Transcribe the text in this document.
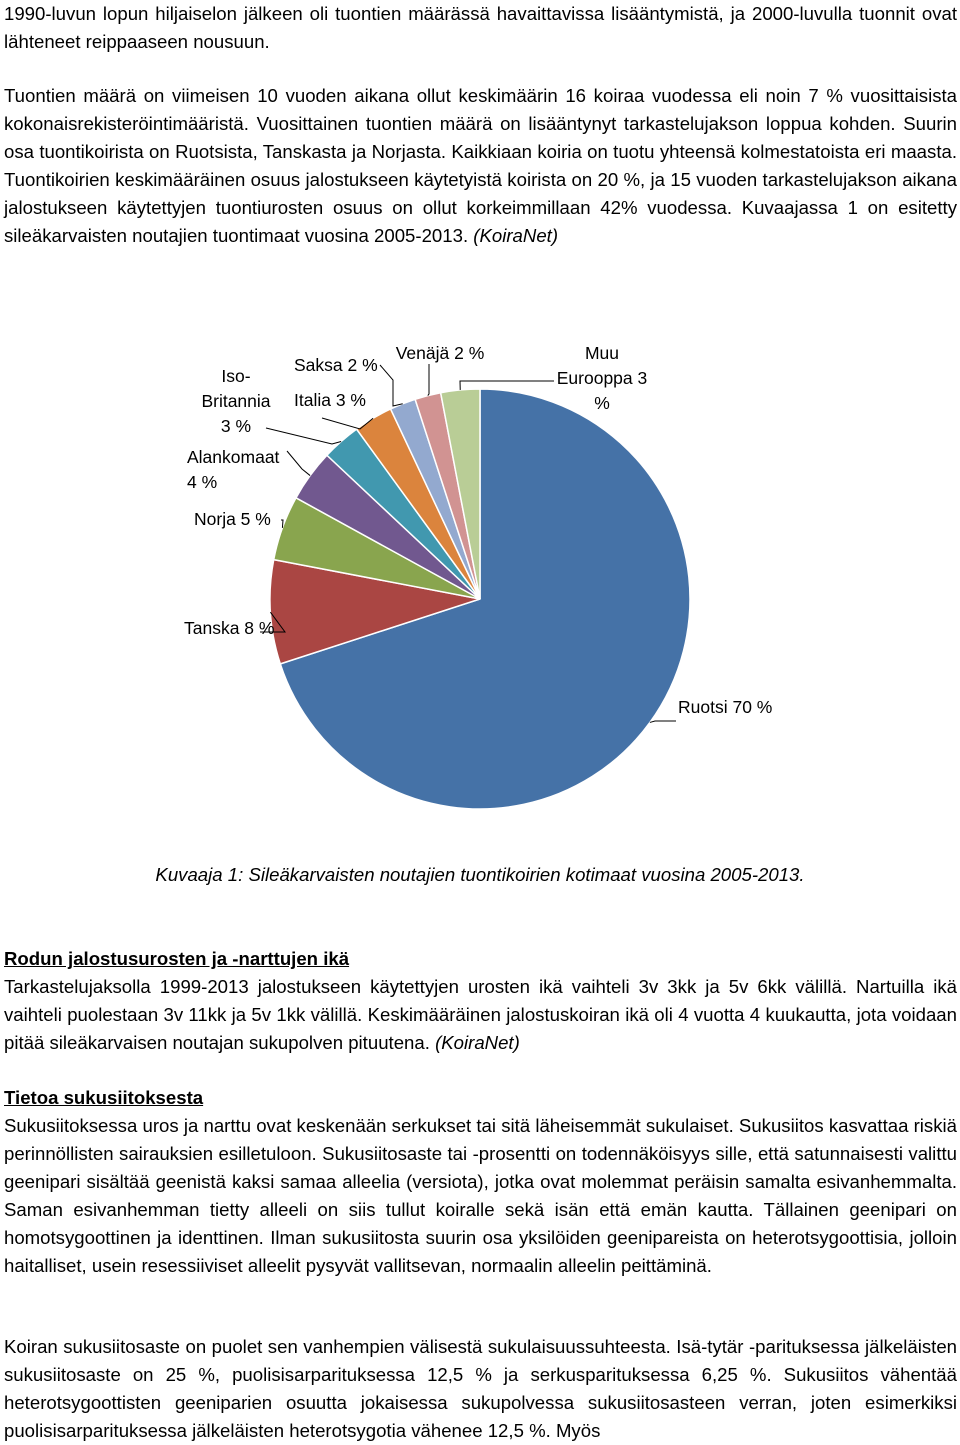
1990-luvun lopun hiljaiselon jälkeen oli tuontien määrässä havaittavissa lisääntymistä, ja 2000-luvulla tuonnit ovat lähteneet reippaaseen nousuun.
Tuontien määrä on viimeisen 10 vuoden aikana ollut keskimäärin 16 koiraa vuodessa eli noin 7 % vuosittaisista kokonaisrekisteröintimääristä. Vuosittainen tuontien määrä on lisääntynyt tarkastelujakson loppua kohden. Suurin osa tuontikoirista on Ruotsista, Tanskasta ja Norjasta. Kaikkiaan koiria on tuotu yhteensä kolmestatoista eri maasta. Tuontikoirien keskimääräinen osuus jalostukseen käytetyistä koirista on 20 %, ja 15 vuoden tarkastelujakson aikana jalostukseen käytettyjen tuontiurosten osuus on ollut korkeimmillaan 42% vuodessa. Kuvaajassa 1 on esitetty sileäkarvaisten noutajien tuontimaat vuosina 2005-2013. (KoiraNet)
Ruotsi 70 %
Tanska 8 %
Norja 5 %
Alankomaat 4 %
Iso-Britannia 3 %
Italia 3 %
Saksa 2 %
Venäjä 2 %	Muu Eurooppa 3 %
Kuvaaja 1: Sileäkarvaisten noutajien tuontikoirien kotimaat vuosina 2005-2013.
Rodun jalostusurosten ja -narttujen ikä
Tarkastelujaksolla 1999-2013 jalostukseen käytettyjen urosten ikä vaihteli 3v 3kk ja 5v 6kk välillä. Nartuilla ikä vaihteli puolestaan 3v 11kk ja 5v 1kk välillä. Keskimääräinen jalostuskoiran ikä oli 4 vuotta 4 kuukautta, jota voidaan pitää sileäkarvaisen noutajan sukupolven pituutena. (KoiraNet)
Tietoa sukusiitoksesta
Sukusiitoksessa uros ja narttu ovat keskenään serkukset tai sitä läheisemmät sukulaiset. Sukusiitos kasvattaa riskiä perinnöllisten sairauksien esilletuloon. Sukusiitosaste tai -prosentti on todennäköisyys sille, että satunnaisesti valittu geenipari sisältää geenistä kaksi samaa alleelia (versiota), jotka ovat molemmat peräisin samalta esivanhemmalta. Saman esivanhemman tietty alleeli on siis tullut koiralle sekä isän että emän kautta. Tällainen geenipari on homotsygoottinen ja identtinen. Ilman sukusiitosta suurin osa yksilöiden geenipareista on heterotsygoottisia, jolloin haitalliset, usein resessiiviset alleelit pysyvät vallitsevan, normaalin alleelin peittäminä.
Koiran sukusiitosaste on puolet sen vanhempien välisestä sukulaisuussuhteesta. Isä-tytär -parituksessa jälkeläisten sukusiitosaste on 25 %, puolisisarparituksessa 12,5 % ja serkusparituksessa 6,25 %. Sukusiitos vähentää heterotsygoottisten geeniparien osuutta jokaisessa sukupolvessa sukusiitosasteen verran, joten esimerkiksi puolisisarparituksessa jälkeläisten heterotsygotia vähenee 12,5 %. Myös
